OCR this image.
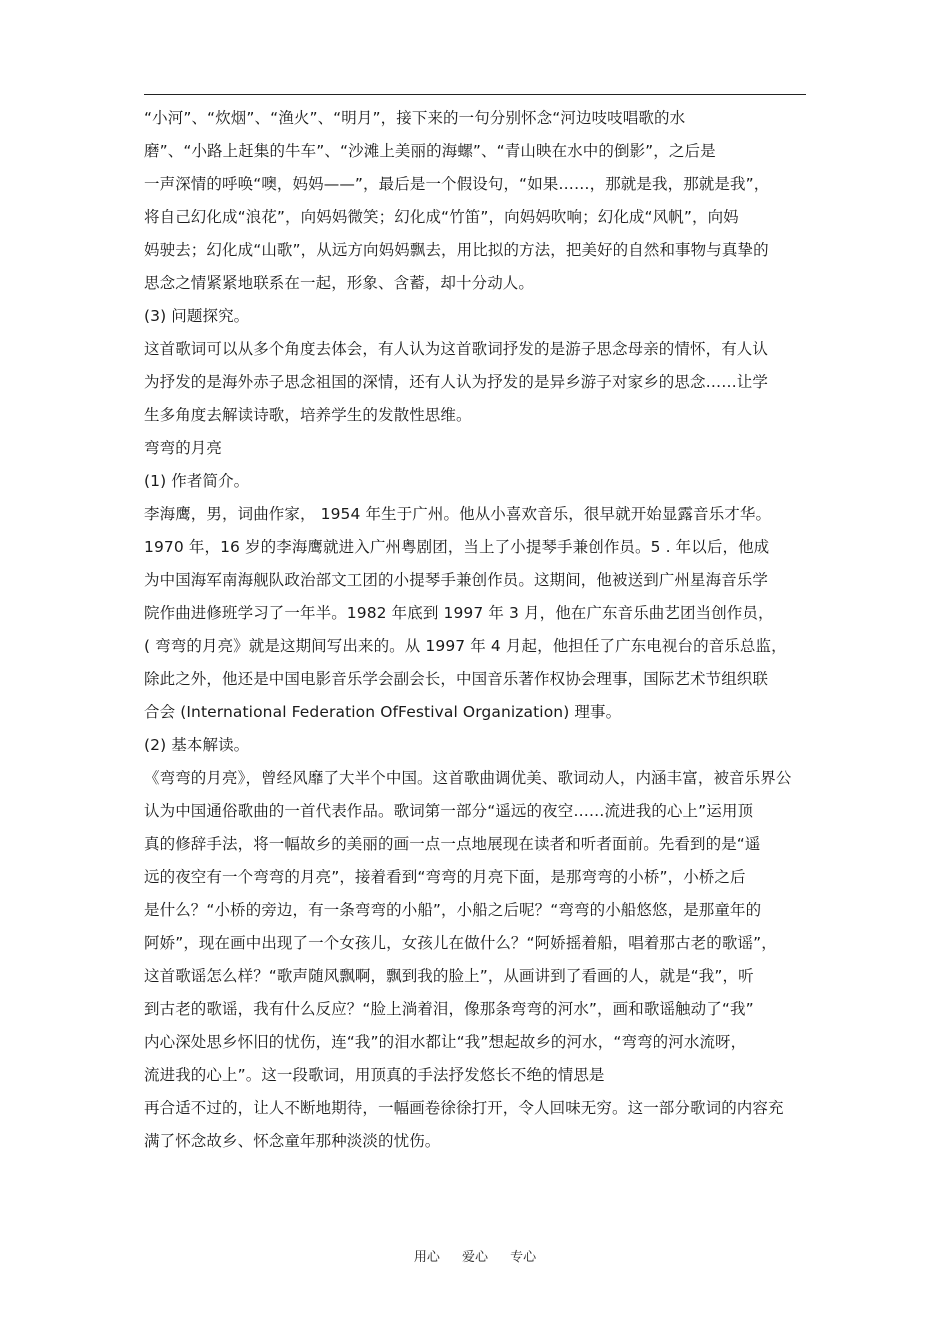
“小河”、“炊烟”、“渔火”、“明月”，接下来的一句分别怀念“河边吱吱唱歌的水
磨”、“小路上赶集的牛车”、“沙滩上美丽的海螺”、“青山映在水中的倒影”，之后是
一声深情的呼唤“噢，妈妈——”，最后是一个假设句，“如果……，那就是我，那就是我”，
将自己幻化成“浪花”，向妈妈微笑；幻化成“竹笛”，向妈妈吹响；幻化成“风帆”，向妈
妈驶去；幻化成“山歌”，从远方向妈妈飘去，用比拟的方法，把美好的自然和事物与真挚的
思念之情紧紧地联系在一起，形象、含蓄，却十分动人。
(3) 问题探究。
这首歌词可以从多个角度去体会，有人认为这首歌词抒发的是游子思念母亲的情怀，有人认
为抒发的是海外赤子思念祖国的深情，还有人认为抒发的是异乡游子对家乡的思念……让学
生多角度去解读诗歌，培养学生的发散性思维。
弯弯的月亮
(1) 作者简介。
李海鹰，男，词曲作家， 1954 年生于广州。他从小喜欢音乐，很早就开始显露音乐才华。
1970 年，16 岁的李海鹰就进入广州粤剧团，当上了小提琴手兼创作员。5 . 年以后，他成
为中国海军南海舰队政治部文工团的小提琴手兼创作员。这期间，他被送到广州星海音乐学
院作曲进修班学习了一年半。1982 年底到 1997 年 3 月，他在广东音乐曲艺团当创作员，
( 弯弯的月亮》就是这期间写出来的。从 1997 年 4 月起，他担任了广东电视台的音乐总监，
除此之外，他还是中国电影音乐学会副会长，中国音乐著作权协会理事，国际艺术节组织联
合会 (International Federation OfFestival Organization) 理事。
(2) 基本解读。
《弯弯的月亮》，曾经风靡了大半个中国。这首歌曲调优美、歌词动人，内涵丰富，被音乐界公
认为中国通俗歌曲的一首代表作品。歌词第一部分“遥远的夜空……流进我的心上”运用顶
真的修辞手法，将一幅故乡的美丽的画一点一点地展现在读者和听者面前。先看到的是“遥
远的夜空有一个弯弯的月亮”，接着看到“弯弯的月亮下面，是那弯弯的小桥”，小桥之后
是什么？“小桥的旁边，有一条弯弯的小船”，小船之后呢？“弯弯的小船悠悠，是那童年的
阿娇”，现在画中出现了一个女孩儿，女孩儿在做什么？“阿娇摇着船，唱着那古老的歌谣”，
这首歌谣怎么样？“歌声随风飘啊，飘到我的脸上”，从画讲到了看画的人，就是“我”，听
到古老的歌谣，我有什么反应？“脸上淌着泪，像那条弯弯的河水”，画和歌谣触动了“我”
内心深处思乡怀旧的忧伤，连“我”的泪水都让“我”想起故乡的河水，“弯弯的河水流呀，
流进我的心上”。这一段歌词，用顶真的手法抒发悠长不绝的情思是
再合适不过的，让人不断地期待，一幅画卷徐徐打开，令人回味无穷。这一部分歌词的内容充
满了怀念故乡、怀念童年那种淡淡的忧伤。
用心 爱心 专心
